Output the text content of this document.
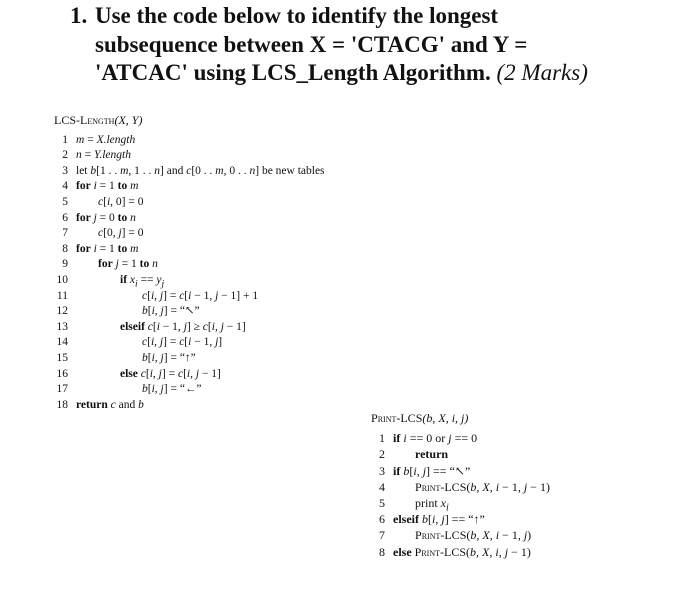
1. Use the code below to identify the longest
subsequence between X = 'CTACG' and Y =
'ATCAC' using LCS_Length Algorithm. (2 Marks)
LCS-Length(X, Y)
1 m = X.length
2 n = Y.length
3 let b[1 . . m, 1 . . n] and c[0 . . m, 0 . . n] be new tables
4 for i = 1 to m
5	c[i, 0] = 0
6 for j = 0 to n
7	c[0, j] = 0
8 for i = 1 to m
9	for j = 1 to n
10	if $x_i == y_j$
11	c[i, j] = c[i − 1, j − 1] + 1
12	b[i, j] = “↖”
13	elseif c[i − 1, j] ≥ c[i, j − 1]
14	c[i, j] = c[i − 1, j]
15	b[i, j] = “↑”
16	else c[i, j] = c[i, j − 1]
17	b[i, j] = “←”
18 return c and b
Print-LCS(b, X, i, j)
1 if i == 0 or j == 0
2	return
3 if b[i, j] == “↖”
4	Print-LCS(b, X, i − 1, j − 1)
5	print $x_i$
6 elseif b[i, j] == “↑”
7	Print-LCS(b, X, i − 1, j)
8 else Print-LCS(b, X, i, j − 1)
